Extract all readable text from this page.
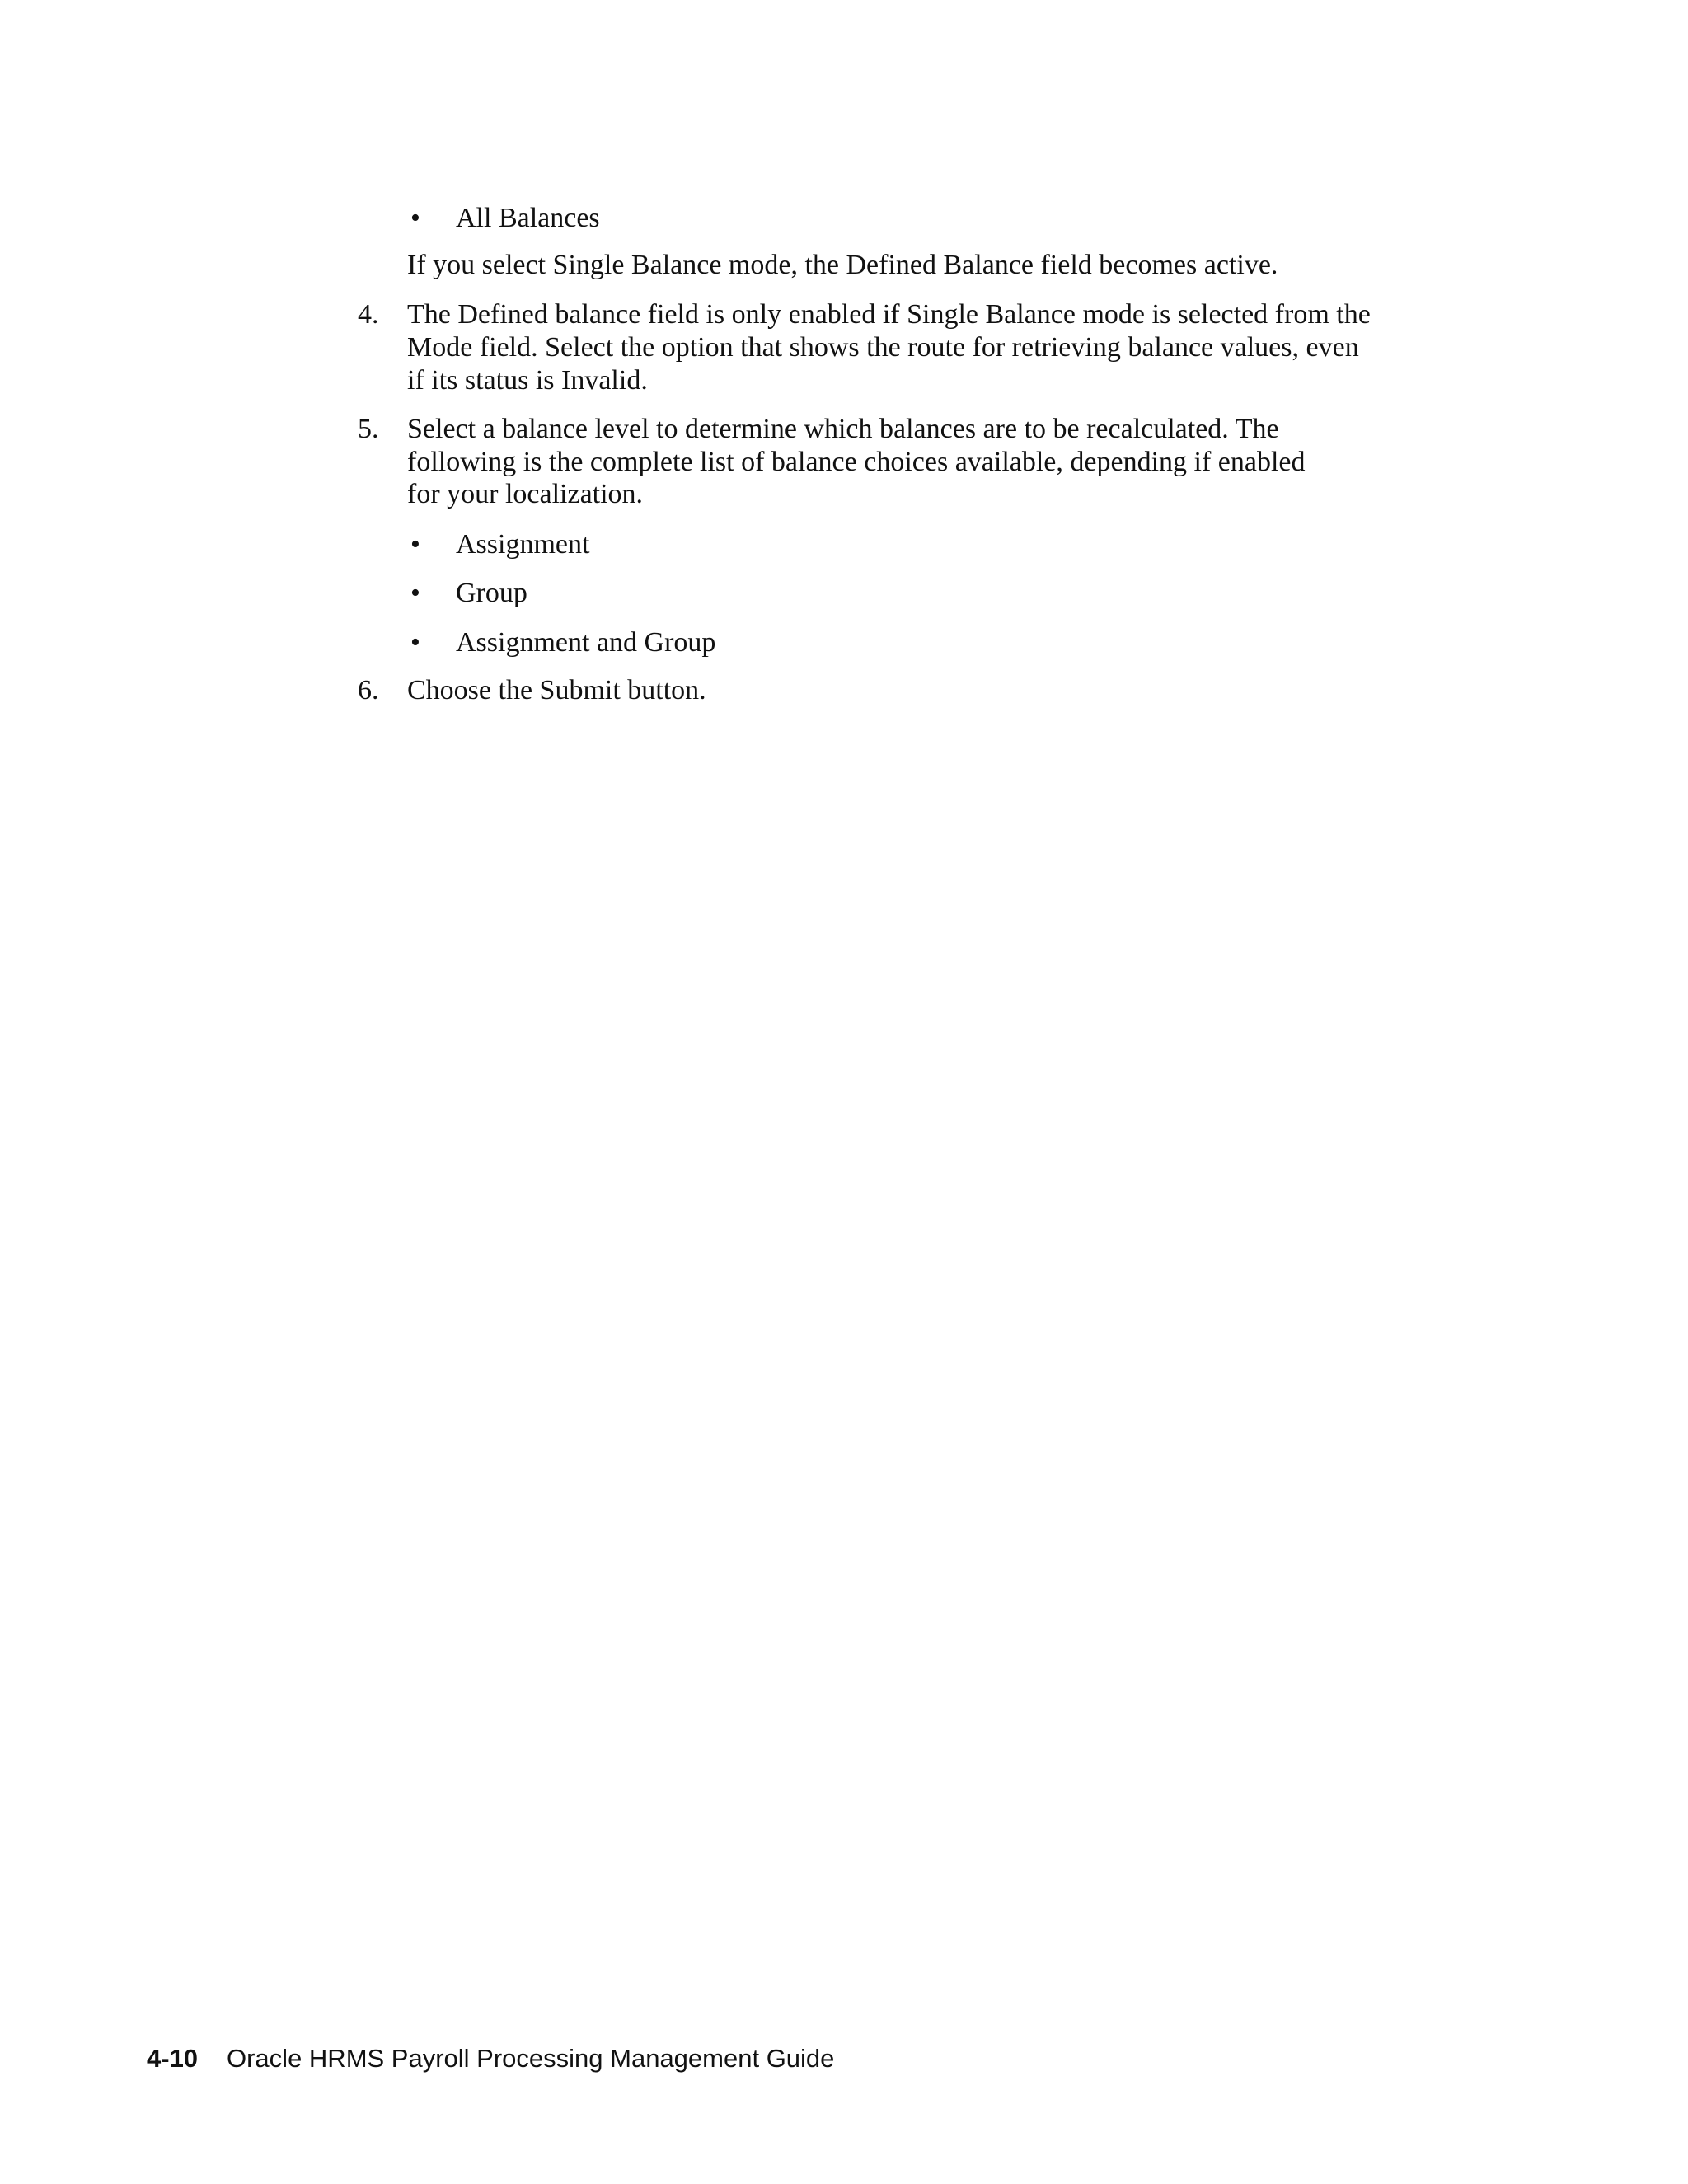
• All Balances
If you select Single Balance mode, the Defined Balance field becomes active.
4. The Defined balance field is only enabled if Single Balance mode is selected from the
Mode field. Select the option that shows the route for retrieving balance values, even
if its status is Invalid.
5. Select a balance level to determine which balances are to be recalculated. The
following is the complete list of balance choices available, depending if enabled
for your localization.
• Assignment
• Group
• Assignment and Group
6. Choose the Submit button.
4-10 Oracle HRMS Payroll Processing Management Guide
